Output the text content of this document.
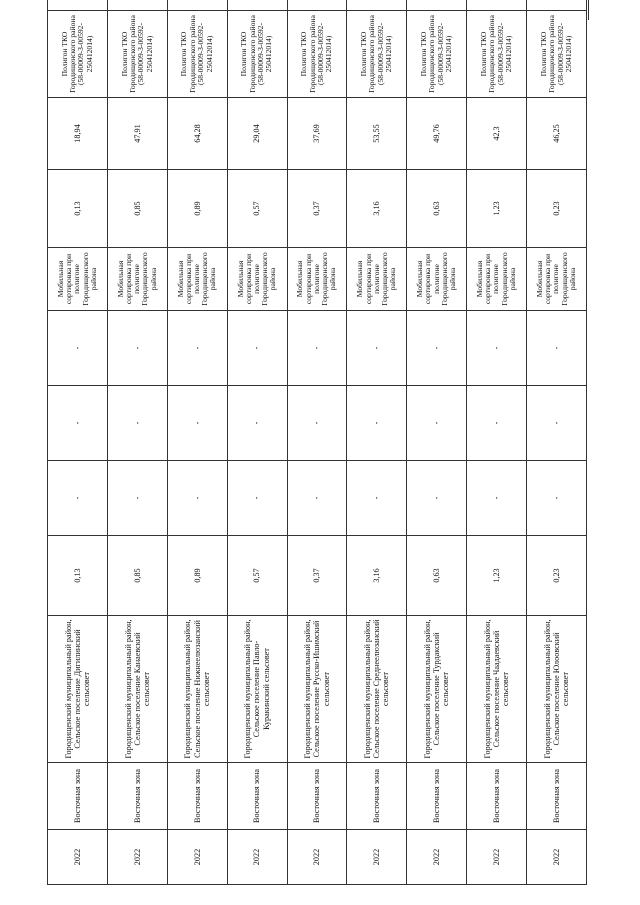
2022	Восточная зона	Городищенский муниципальный район, Сельское поселение Дигилинский сельсовет	0,13	-	-	-	Мобильная сортировка при полигоне Городищенского района	0,13	18,94	Полигон ТКО Городищенского района (58-00009-З-00592-250412014)		
2022	Восточная зона	Городищенский муниципальный район, Сельское поселение Канаевский сельсовет	0,85	-	-	-	Мобильная сортировка при полигоне Городищенского района	0,85	47,91	Полигон ТКО Городищенского района (58-00009-З-00592-250412014)		
2022	Восточная зона	Городищенский муниципальный район, Сельское поселение Нижнеелюзанский сельсовет	0,89	-	-	-	Мобильная сортировка при полигоне Городищенского района	0,89	64,28	Полигон ТКО Городищенского района (58-00009-З-00592-250412014)		
2022	Восточная зона	Городищенский муниципальный район, Сельское поселение Павло-Куракинский сельсовет	0,57	-	-	-	Мобильная сортировка при полигоне Городищенского района	0,57	29,04	Полигон ТКО Городищенского района (58-00009-З-00592-250412014)		
2022	Восточная зона	Городищенский муниципальный район, Сельское поселение Русско-Ишимский сельсовет	0,37	-	-	-	Мобильная сортировка при полигоне Городищенского района	0,37	37,69	Полигон ТКО Городищенского района (58-00009-З-00592-250412014)		
2022	Восточная зона	Городищенский муниципальный район, Сельское поселение Среднеелюзанский сельсовет	3,16	-	-	-	Мобильная сортировка при полигоне Городищенского района	3,16	53,55	Полигон ТКО Городищенского района (58-00009-З-00592-250412014)		
2022	Восточная зона	Городищенский муниципальный район, Сельское поселение Турдакский сельсовет	0,63	-	-	-	Мобильная сортировка при полигоне Городищенского района	0,63	49,76	Полигон ТКО Городищенского района (58-00009-З-00592-250412014)		
2022	Восточная зона	Городищенский муниципальный район, Сельское поселение Чаадаевский сельсовет	1,23	-	-	-	Мобильная сортировка при полигоне Городищенского района	1,23	42,3	Полигон ТКО Городищенского района (58-00009-З-00592-250412014)		
2022	Восточная зона	Городищенский муниципальный район, Сельское поселение Юлоовский сельсовет	0,23	-	-	-	Мобильная сортировка при полигоне Городищенского района	0,23	46,25	Полигон ТКО Городищенского района (58-00009-З-00592-250412014)		
